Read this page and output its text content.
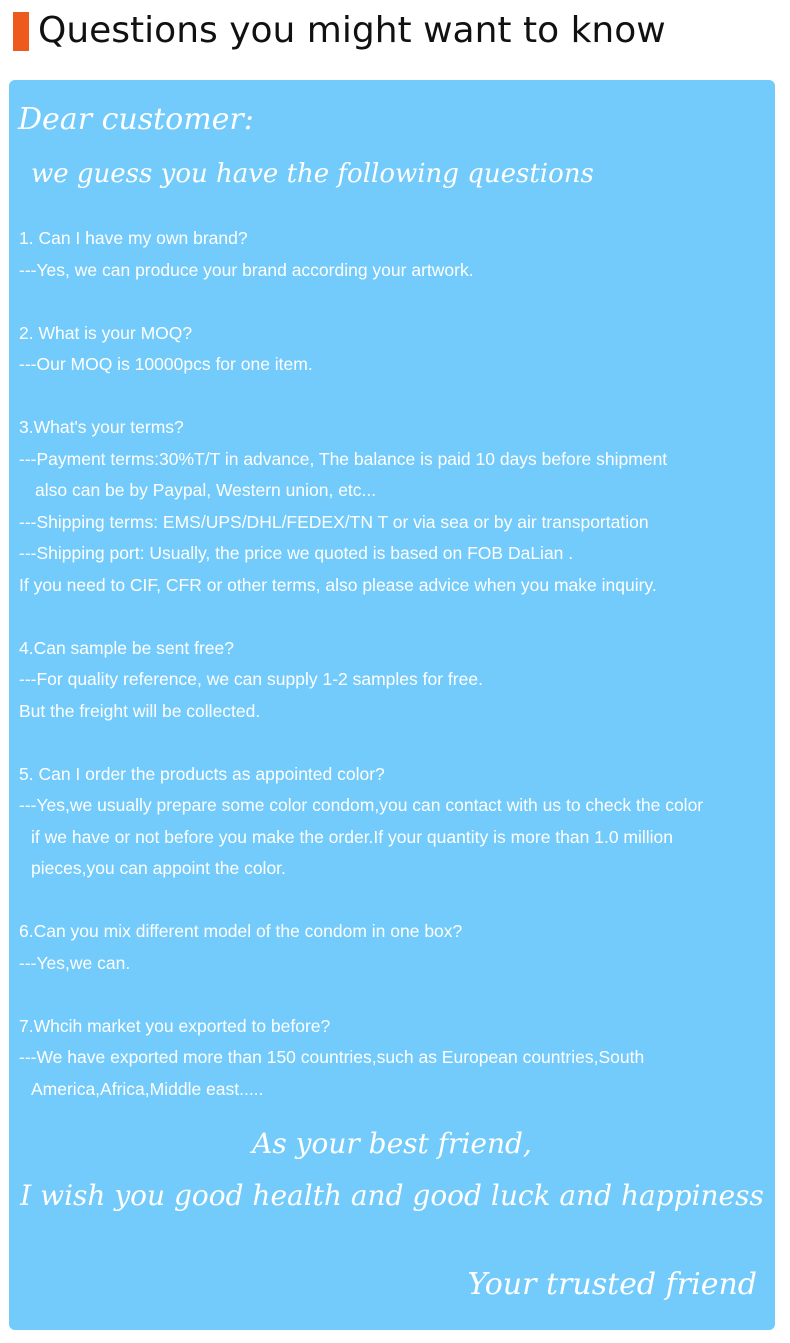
Questions you might want to know
Dear customer:
we guess you have the following questions
1. Can I have my own brand?
---Yes, we can produce your brand according your artwork.
2. What is your MOQ?
---Our MOQ is 10000pcs for one item.
3.What's your terms?
---Payment terms:30%T/T in advance, The balance is paid 10 days before shipment
also can be by Paypal, Western union, etc...
---Shipping terms: EMS/UPS/DHL/FEDEX/TN T or via sea or by air transportation
---Shipping port: Usually, the price we quoted is based on FOB DaLian .
If you need to CIF, CFR or other terms, also please advice when you make inquiry.
4.Can sample be sent free?
---For quality reference, we can supply 1-2 samples for free.
But the freight will be collected.
5. Can I order the products as appointed color?
---Yes,we usually prepare some color condom,you can contact with us to check the color
if we have or not before you make the order.If your quantity is more than 1.0 million
pieces,you can appoint the color.
6.Can you mix different model of the condom in one box?
---Yes,we can.
7.Whcih market you exported to before?
---We have exported more than 150 countries,such as European countries,South
America,Africa,Middle east.....
As your best friend,
I wish you good health and good luck and happiness
Your trusted friend
